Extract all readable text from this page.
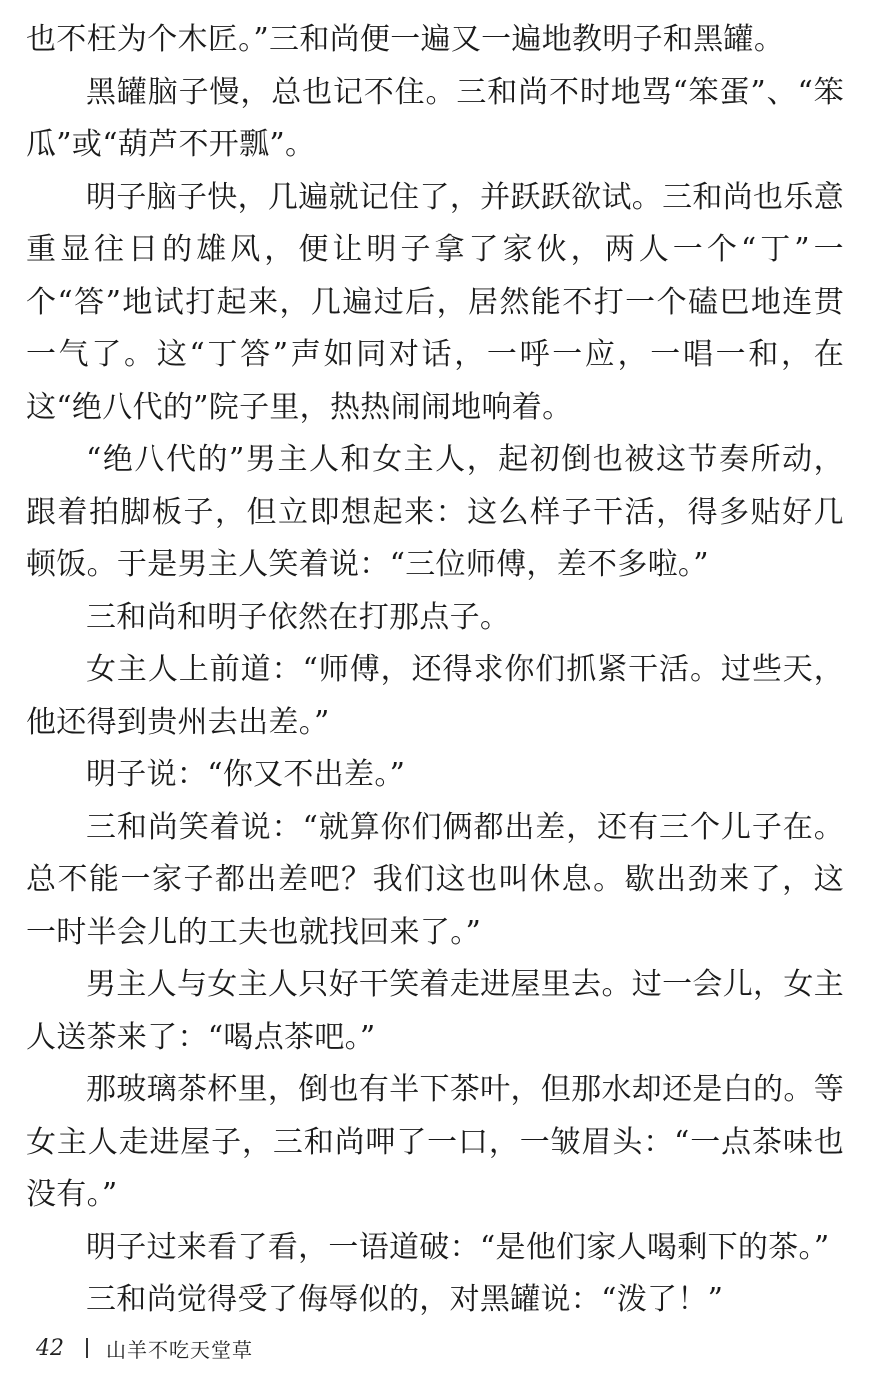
也不枉为个木匠。”三和尚便一遍又一遍地教明子和黑罐。

黑罐脑子慢，总也记不住。三和尚不时地骂“笨蛋”、“笨瓜”或“葫芦不开瓢”。

明子脑子快，几遍就记住了，并跃跃欲试。三和尚也乐意重显往日的雄风，便让明子拿了家伙，两人一个“丁”一个“答”地试打起来，几遍过后，居然能不打一个磕巴地连贯一气了。这“丁答”声如同对话，一呼一应，一唱一和，在这“绝八代的”院子里，热热闹闹地响着。

“绝八代的”男主人和女主人，起初倒也被这节奏所动，跟着拍脚板子，但立即想起来：这么样子干活，得多贴好几顿饭。于是男主人笑着说：“三位师傅，差不多啦。”

三和尚和明子依然在打那点子。

女主人上前道：“师傅，还得求你们抓紧干活。过些天，他还得到贵州去出差。”

明子说：“你又不出差。”

三和尚笑着说：“就算你们俩都出差，还有三个儿子在。总不能一家子都出差吧？我们这也叫休息。歇出劲来了，这一时半会儿的工夫也就找回来了。”

男主人与女主人只好干笑着走进屋里去。过一会儿，女主人送茶来了：“喝点茶吧。”

那玻璃茶杯里，倒也有半下茶叶，但那水却还是白的。等女主人走进屋子，三和尚呷了一口，一皱眉头：“一点茶味也没有。”

明子过来看了看，一语道破：“是他们家人喝剩下的茶。”

三和尚觉得受了侮辱似的，对黑罐说：“泼了！”

42 山羊不吃天堂草
